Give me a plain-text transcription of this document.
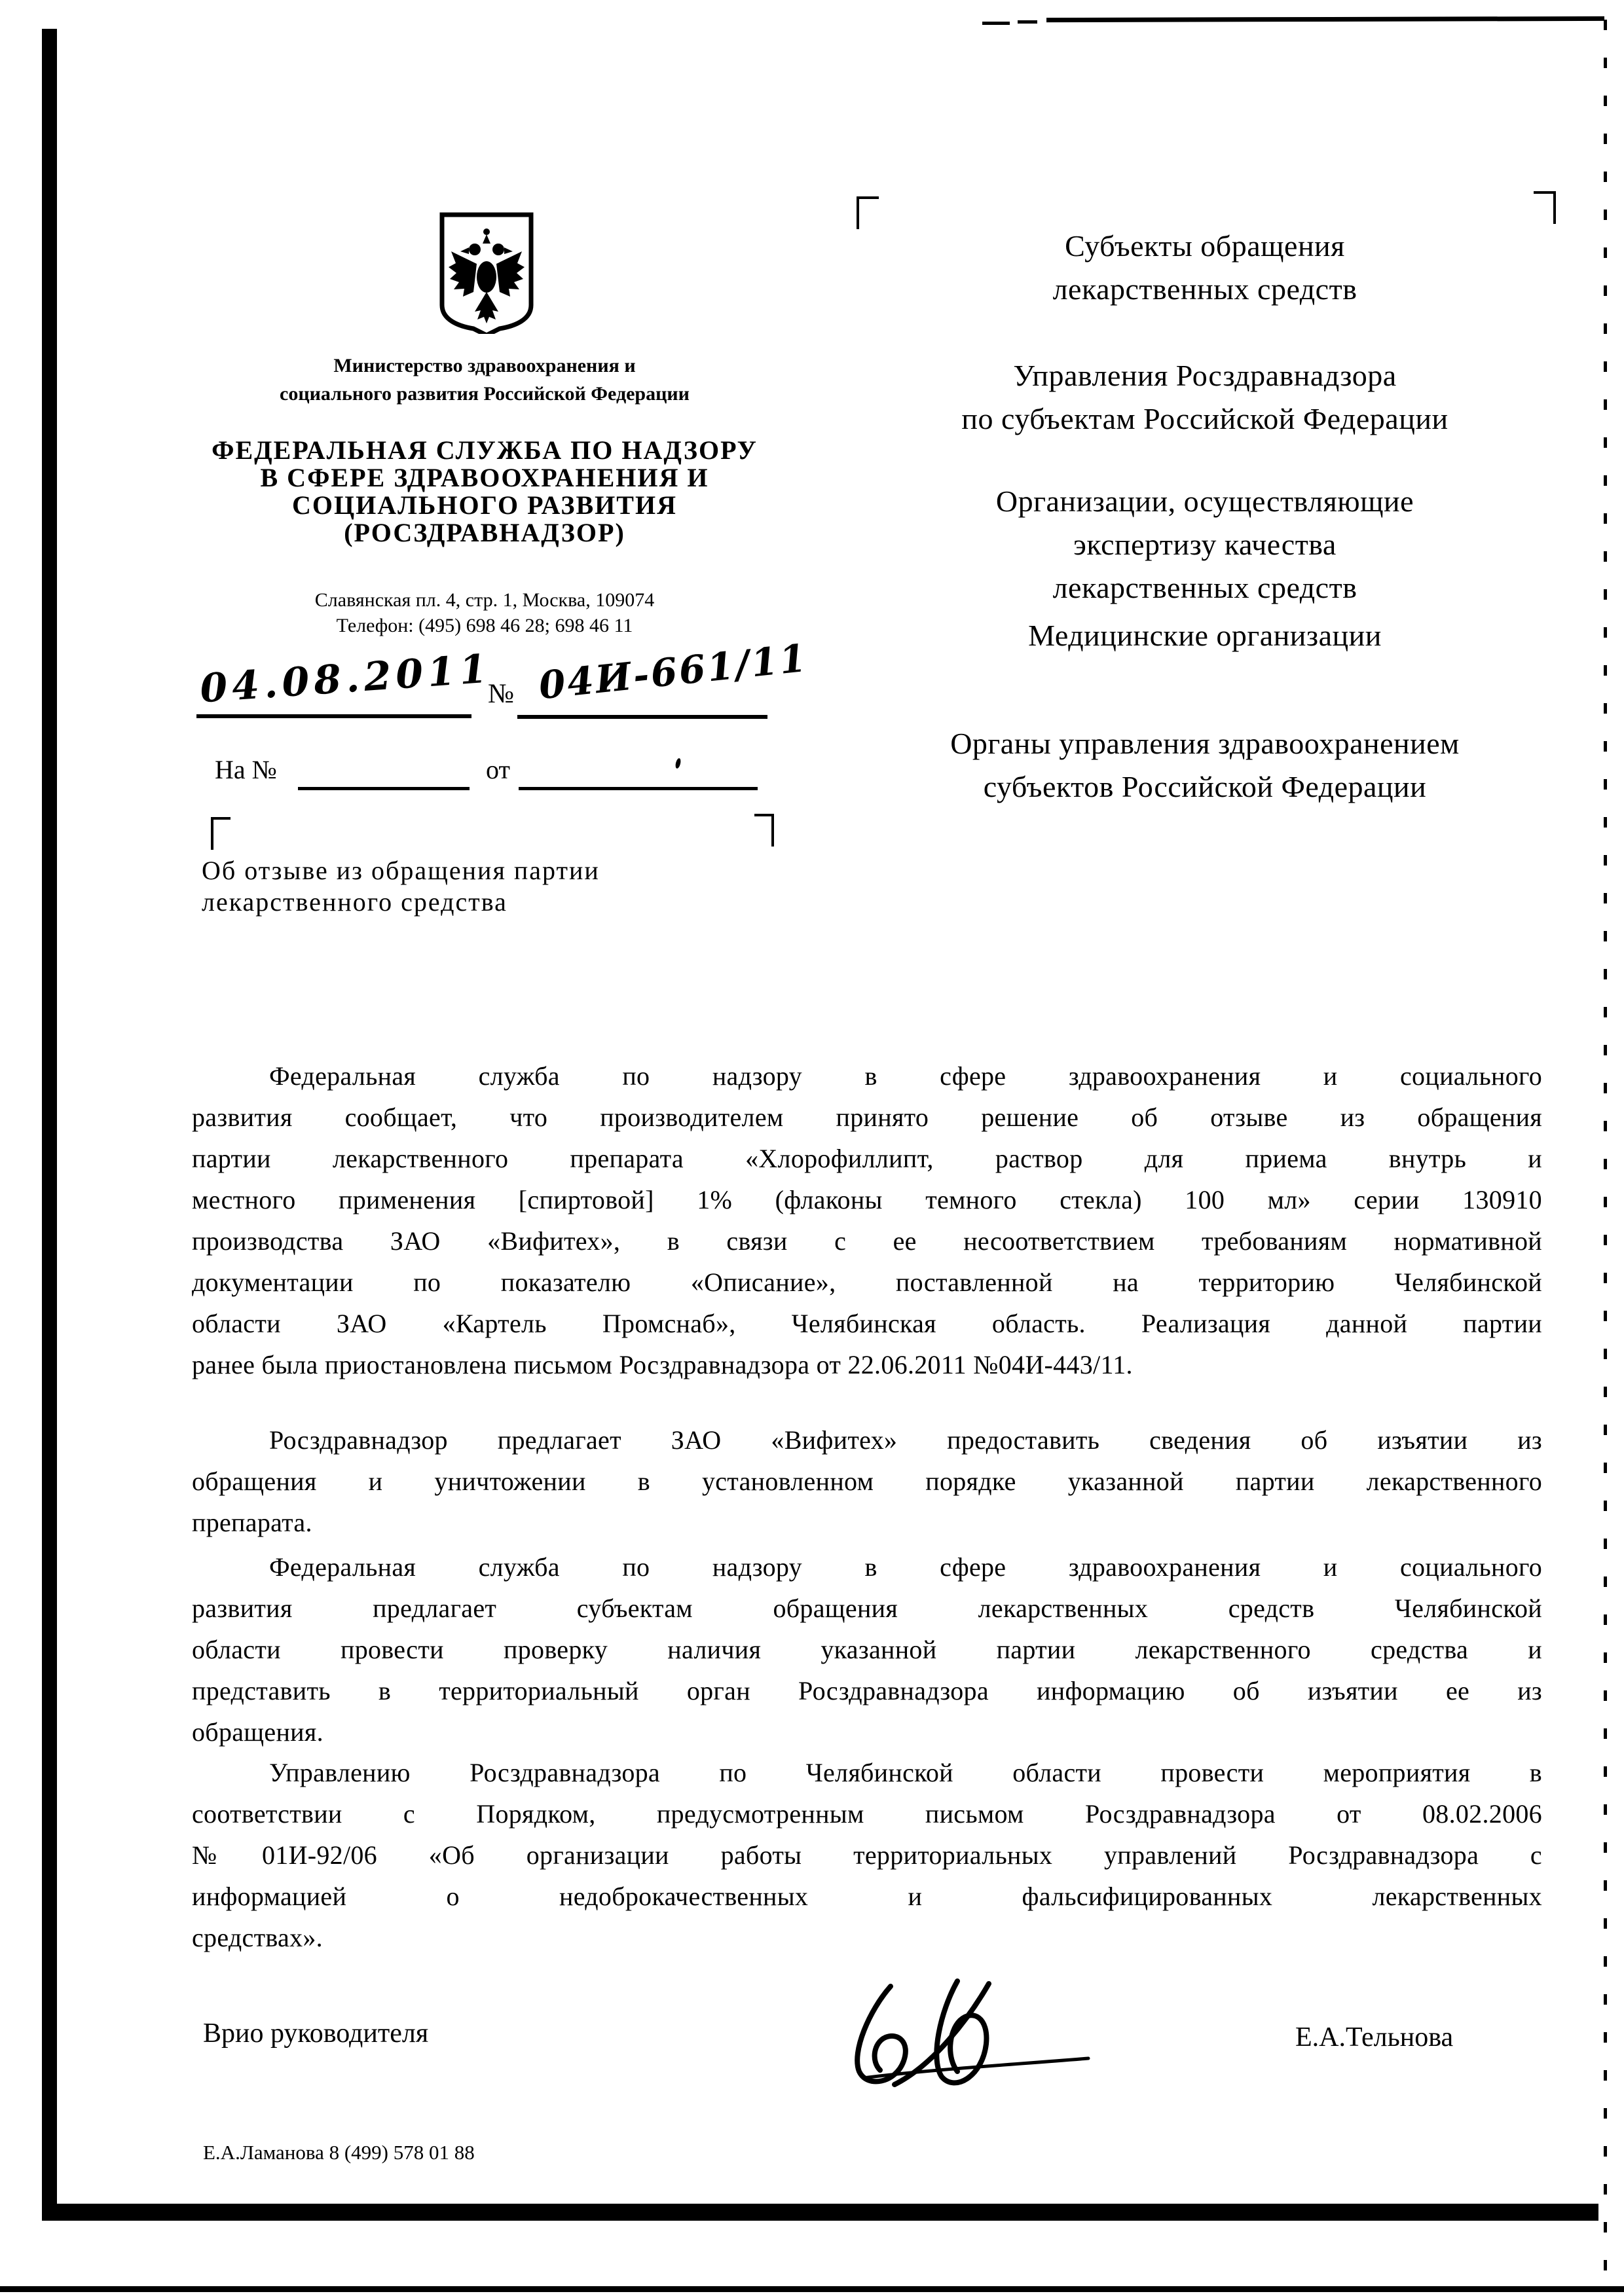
Министерство здравоохранения и
социального развития Российской Федерации
ФЕДЕРАЛЬНАЯ СЛУЖБА ПО НАДЗОРУ
В СФЕРЕ ЗДРАВООХРАНЕНИЯ И
СОЦИАЛЬНОГО РАЗВИТИЯ
(РОСЗДРАВНАДЗОР)
Славянская пл. 4, стр. 1, Москва, 109074
Телефон: (495) 698 46 28; 698 46 11
04.08.2011
№ 04И-661/11
На №	от
Субъекты обращения
лекарственных средств
Управления Росздравнадзора
по субъектам Российской Федерации
Организации, осуществляющие
экспертизу качества
лекарственных средств
Медицинские организации
Органы управления здравоохранением
субъектов Российской Федерации
Об отзыве из обращения партии
лекарственного средства
Федеральная служба по надзору в сфере здравоохранения и социального
развития сообщает, что производителем принято решение об отзыве из обращения
партии лекарственного препарата «Хлорофиллипт, раствор для приема внутрь и
местного применения [спиртовой] 1% (флаконы темного стекла) 100 мл» серии 130910
производства ЗАО «Вифитех», в связи с ее несоответствием требованиям нормативной
документации по показателю «Описание», поставленной на территорию Челябинской
области ЗАО «Картель Промснаб», Челябинская область. Реализация данной партии
ранее была приостановлена письмом Росздравнадзора от 22.06.2011 №04И-443/11.
Росздравнадзор предлагает ЗАО «Вифитех» предоставить сведения об изъятии из
обращения и уничтожении в установленном порядке указанной партии лекарственного
препарата.
Федеральная служба по надзору в сфере здравоохранения и социального
развития предлагает субъектам обращения лекарственных средств Челябинской
области провести проверку наличия указанной партии лекарственного средства и
представить в территориальный орган Росздравнадзора информацию об изъятии ее из
обращения.
Управлению Росздравнадзора по Челябинской области провести мероприятия в
соответствии с Порядком, предусмотренным письмом Росздравнадзора от 08.02.2006
№01И-92/06 «Об организации работы территориальных управлений Росздравнадзора с
информацией о недоброкачественных и фальсифицированных лекарственных
средствах».
Врио руководителя	Е.А.Тельнова
Е.А.Ламанова 8 (499) 578 01 88
